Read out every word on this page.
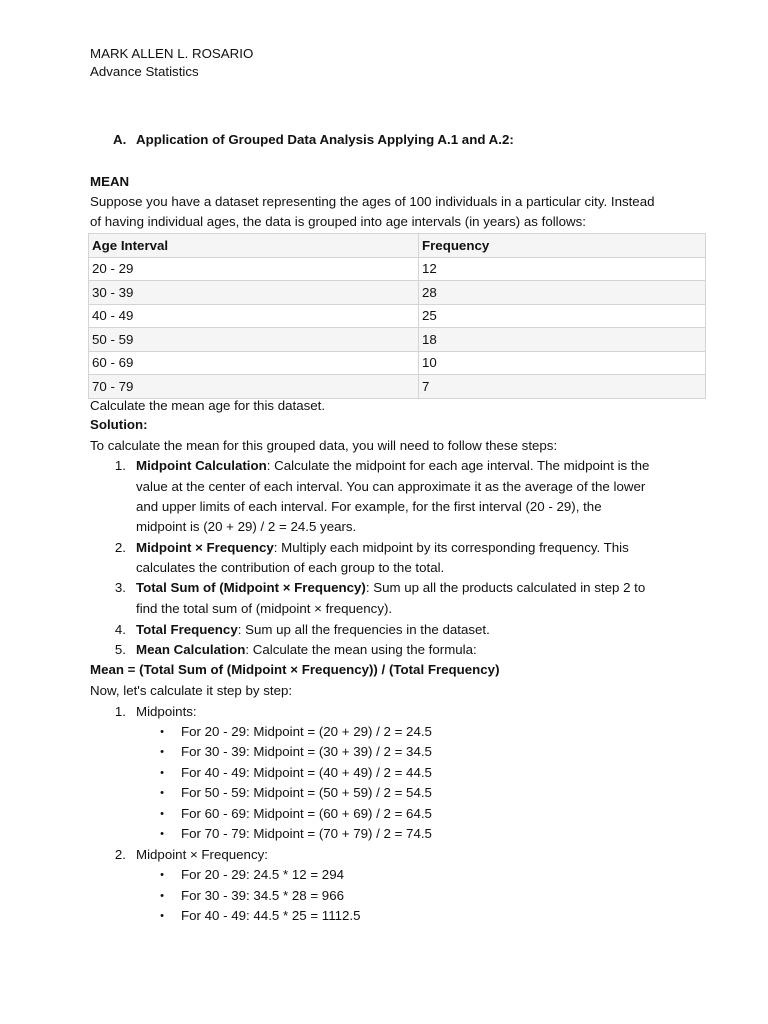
MARK ALLEN L. ROSARIO
Advance Statistics
A. Application of Grouped Data Analysis Applying A.1 and A.2:
MEAN
Suppose you have a dataset representing the ages of 100 individuals in a particular city. Instead
of having individual ages, the data is grouped into age intervals (in years) as follows:
Age Interval	Frequency
20 - 29	12
30 - 39	28
40 - 49	25
50 - 59	18
60 - 69	10
70 - 79	7
Calculate the mean age for this dataset.
Solution:
To calculate the mean for this grouped data, you will need to follow these steps:
1. Midpoint Calculation: Calculate the midpoint for each age interval. The midpoint is the
value at the center of each interval. You can approximate it as the average of the lower
and upper limits of each interval. For example, for the first interval (20 - 29), the
midpoint is (20 + 29) / 2 = 24.5 years.
2. Midpoint × Frequency: Multiply each midpoint by its corresponding frequency. This
calculates the contribution of each group to the total.
3. Total Sum of (Midpoint × Frequency): Sum up all the products calculated in step 2 to
find the total sum of (midpoint × frequency).
4. Total Frequency: Sum up all the frequencies in the dataset.
5. Mean Calculation: Calculate the mean using the formula:
Mean = (Total Sum of (Midpoint × Frequency)) / (Total Frequency)
Now, let's calculate it step by step:
1. Midpoints:
• For 20 - 29: Midpoint = (20 + 29) / 2 = 24.5
• For 30 - 39: Midpoint = (30 + 39) / 2 = 34.5
• For 40 - 49: Midpoint = (40 + 49) / 2 = 44.5
• For 50 - 59: Midpoint = (50 + 59) / 2 = 54.5
• For 60 - 69: Midpoint = (60 + 69) / 2 = 64.5
• For 70 - 79: Midpoint = (70 + 79) / 2 = 74.5
2. Midpoint × Frequency:
• For 20 - 29: 24.5 * 12 = 294
• For 30 - 39: 34.5 * 28 = 966
• For 40 - 49: 44.5 * 25 = 1112.5
